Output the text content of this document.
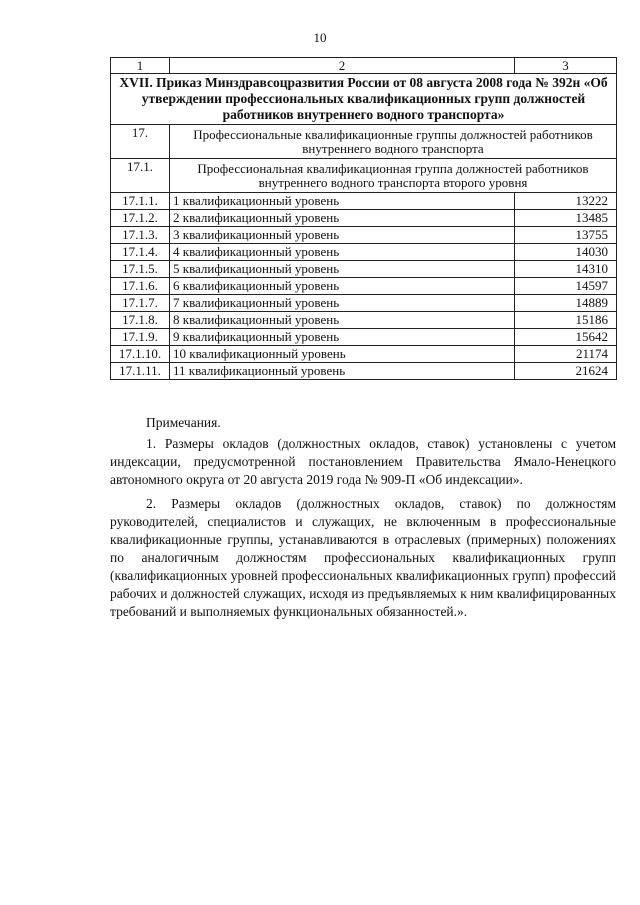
10
1	2	3
XVII. Приказ Минздравсоцразвития России от 08 августа 2008 года № 392н «Об утверждении профессиональных квалификационных групп должностей работников внутреннего водного транспорта»		
17.	Профессиональные квалификационные группы должностей работников внутреннего водного транспорта	
17.1.	Профессиональная квалификационная группа должностей работников внутреннего водного транспорта второго уровня	
17.1.1.	1 квалификационный уровень	13222
17.1.2.	2 квалификационный уровень	13485
17.1.3.	3 квалификационный уровень	13755
17.1.4.	4 квалификационный уровень	14030
17.1.5.	5 квалификационный уровень	14310
17.1.6.	6 квалификационный уровень	14597
17.1.7.	7 квалификационный уровень	14889
17.1.8.	8 квалификационный уровень	15186
17.1.9.	9 квалификационный уровень	15642
17.1.10.	10 квалификационный уровень	21174
17.1.11.	11 квалификационный уровень	21624
Примечания.

1. Размеры окладов (должностных окладов, ставок) установлены с учетом индексации, предусмотренной постановлением Правительства Ямало-Ненецкого автономного округа от 20 августа 2019 года № 909-П «Об индексации».

2. Размеры окладов (должностных окладов, ставок) по должностям руководителей, специалистов и служащих, не включенным в профессиональные квалификационные группы, устанавливаются в отраслевых (примерных) положениях по аналогичным должностям профессиональных квалификационных групп (квалификационных уровней профессиональных квалификационных групп) профессий рабочих и должностей служащих, исходя из предъявляемых к ним квалифицированных требований и выполняемых функциональных обязанностей.».
